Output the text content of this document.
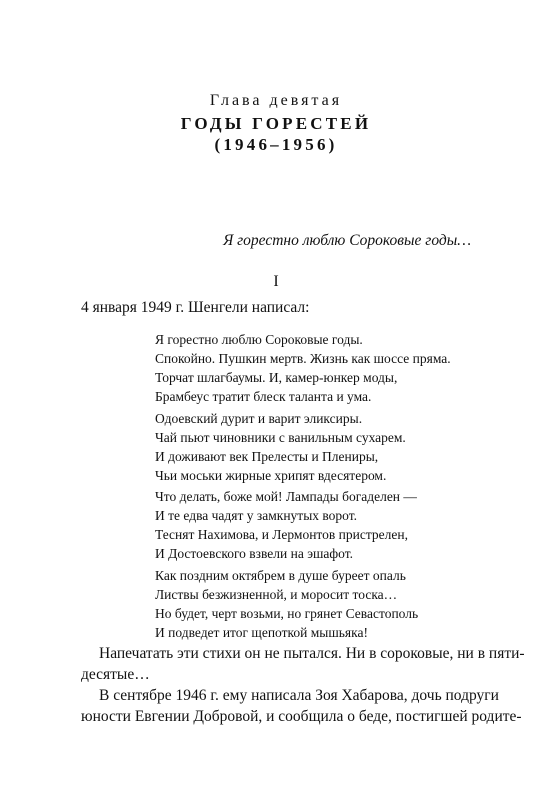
Глава девятая
ГОДЫ ГОРЕСТЕЙ
(1946–1956)
Я горестно люблю Сороковые годы…
I
4 января 1949 г. Шенгели написал:
Я горестно люблю Сороковые годы.
Спокойно. Пушкин мертв. Жизнь как шоссе пряма.
Торчат шлагбаумы. И, камер-юнкер моды,
Брамбеус тратит блеск таланта и ума.
Одоевский дурит и варит эликсиры.
Чай пьют чиновники с ванильным сухарем.
И доживают век Прелесты и Плениры,
Чьи моськи жирные хрипят вдесятером.
Что делать, боже мой! Лампады богаделен —
И те едва чадят у замкнутых ворот.
Теснят Нахимова, и Лермонтов пристрелен,
И Достоевского взвели на эшафот.
Как поздним октябрем в душе буреет опаль
Листвы безжизненной, и моросит тоска…
Но будет, черт возьми, но грянет Севастополь
И подведет итог щепоткой мышьяка!
Напечатать эти стихи он не пытался. Ни в сороковые, ни в пяти-
десятые…
В сентябре 1946 г. ему написала Зоя Хабарова, дочь подруги
юности Евгении Добровой, и сообщила о беде, постигшей родите-
